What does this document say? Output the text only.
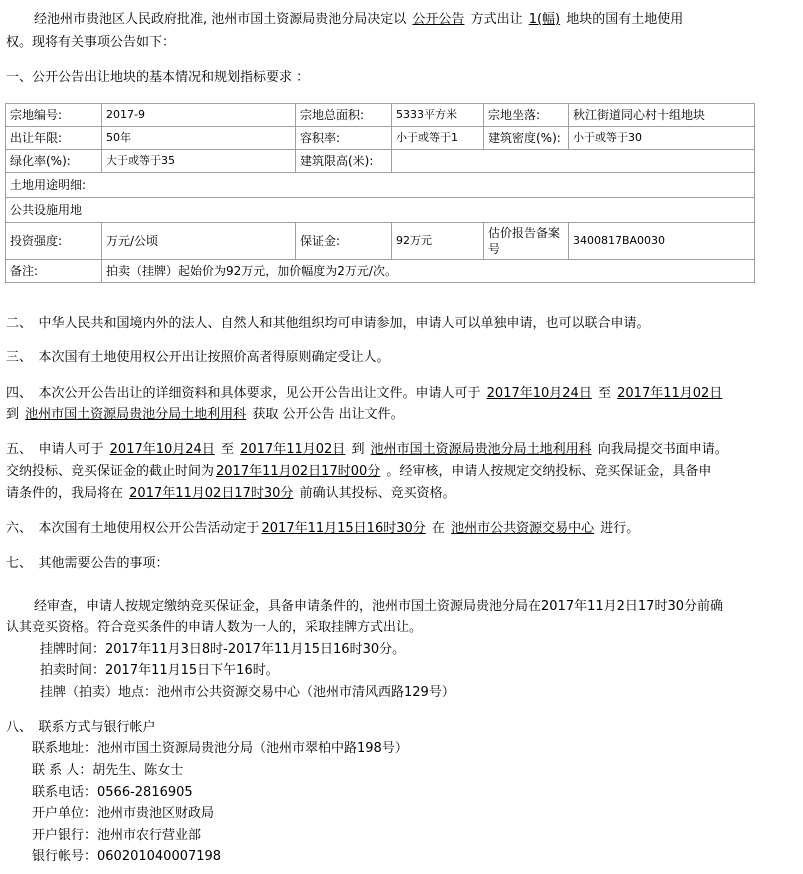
经池州市贵池区人民政府批准, 池州市国土资源局贵池分局决定以 公开公告 方式出让 1(幅) 地块的国有土地使用
权。现将有关事项公告如下：
一、公开公告出让地块的基本情况和规划指标要求 ：
宗地编号:	2017-9	宗地总面积:	5333平方米	宗地坐落:	秋江街道同心村十组地块
出让年限:	50年	容积率:	小于或等于1	建筑密度(%):	小于或等于30
绿化率(%):	大于或等于35	建筑限高(米):			
土地用途明细:					
公共设施用地					
投资强度:	万元/公顷	保证金:	92万元	估价报告备案号	3400817BA0030
备注:	拍卖（挂牌）起始价为92万元，加价幅度为2万元/次。				
二、　中华人民共和国境内外的法人、自然人和其他组织均可申请参加，申请人可以单独申请，也可以联合申请。
三、　本次国有土地使用权公开出让按照价高者得原则确定受让人。
四、　本次公开公告出让的详细资料和具体要求，见公开公告出让文件。申请人可于 2017年10月24日 至 2017年11月02日
到 池州市国土资源局贵池分局土地利用科 获取 公开公告 出让文件。
五、　申请人可于 2017年10月24日 至 2017年11月02日 到 池州市国土资源局贵池分局土地利用科 向我局提交书面申请。
交纳投标、竞买保证金的截止时间为 2017年11月02日17时00分 。经审核，申请人按规定交纳投标、竞买保证金，具备申
请条件的，我局将在 2017年11月02日17时30分 前确认其投标、竞买资格。
六、　本次国有土地使用权公开公告活动定于 2017年11月15日16时30分 在 池州市公共资源交易中心 进行。
七、　其他需要公告的事项：
经审查，申请人按规定缴纳竞买保证金，具备申请条件的，池州市国土资源局贵池分局在2017年11月2日17时30分前确
认其竞买资格。符合竞买条件的申请人数为一人的，采取挂牌方式出让。
挂牌时间：2017年11月3日8时-2017年11月15日16时30分。
拍卖时间：2017年11月15日下午16时。
挂牌（拍卖）地点：池州市公共资源交易中心（池州市清风西路129号）
八、　联系方式与银行帐户
联系地址：池州市国土资源局贵池分局（池州市翠柏中路198号）
联 系 人：胡先生、陈女士
联系电话：0566-2816905
开户单位：池州市贵池区财政局
开户银行：池州市农行营业部
银行帐号：060201040007198
